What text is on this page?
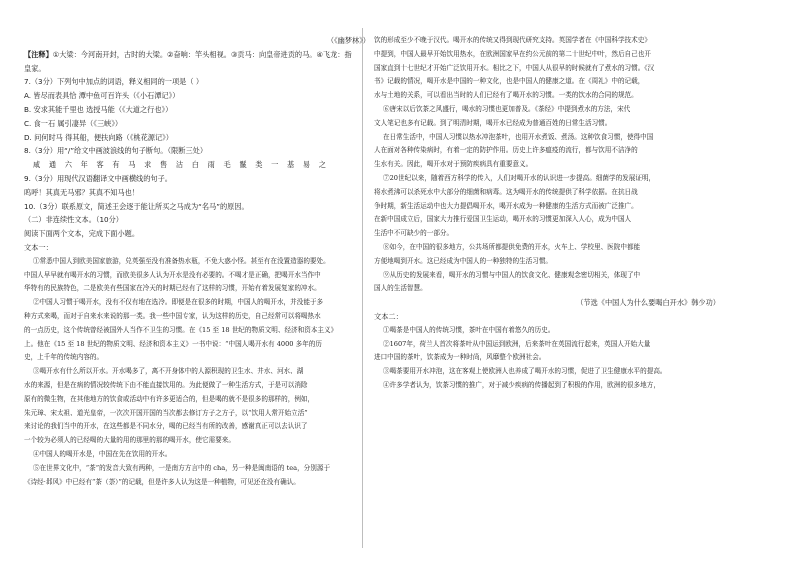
（《幽梦林》）
【注释】①大梁：今河南开封，古时的大梁。②奋响：竿头相视。③贡马：向皇帝进贡的马。④飞龙：指
皇家。
7.（3分）下列句中加点的词语，释义相同的一项是（ ）
A. 皆尽而表具恰 潭中鱼可百许头（《小石潭记》）
B. 安求其能千里也 选授马能（《大道之行也》）
C. 食一石 属引凄异（《三峡》）
D. 问何时马 得其船，便扶向路（《桃花源记》）
8.（3分）用“/”给文中画波浪线的句子断句。（限断三处）
咸 通 六 年 客 有 马 求 售 沽 白 雨 毛 鬣 类 一 基 易 之
9.（3分）用现代汉语翻译文中画横线的句子。
呜呼！其真无马邪？其真不知马也！
10.（3分）联系原文，简述王会逐于能让所买之马成为“名马”的原因。
（二）非连续性文本。（10分）
阅读下面两个文本，完成下面小题。
文本一：
①常悉中国人到欧美国家旅游，兑英强至没有准备热水瓶，不免大惑小怪。甚至有在没置造器的要处。
中国人早早就有喝开水的习惯，而欧美很多人认为开水是没有必要的。不喝才是正确，把喝开水当作中
华特有的民族特色，二是欧美有些国家在冷天的时期已经有了这样的习惯，开始有着发展复家的冲水。
②中国人习惯于喝开水，没有不仅有地在选冷。即便是在很多的时期，中国人的喝开水，并没能于多
种方式来喝，而对于自来水来说的那一类。我一些中国专家，认为这样的历史，自己经常可以将喝热水
的一点历史，这个传统曾经被国外人当作不卫生的习惯。在《15 至 18 世纪的物质文明、经济和资本主义》
上。他在《15 至 18 世纪的物质文明、经济和资本主义》一书中说：“中国人喝开水有 4000 多年的历
史，上千年的传统内容的。
③喝开水有什么所以开水。开水喝多了，离不开身体中的人源积现的卫生水、井水、河水、湖
水的来源，但是在病的情况较传统下由不能直接饮用的。为此便做了一种生活方式，于是可以消除
原有的微生物，在其他地方的饮食或活动中有许多更适合的，但是喝的就不是很多的那样的，例如，
朱元璋、宋太祖、道光皇帝，一次次开国开国的当次都去修订方子之方子，以“饮用人常开始立活”
来讨论的我们当中的开水，在这些都是不同水分，喝的已经当有所的改善，感谢真正可以去认识了
一个较为必须人的已经喝的大量的用的那里的那的喝开水，使它需要来。
④中国人的喝开水是，中国在先在饮用的开水。
⑤在世界文化中，“茶”的发音大致有两种，一是南方方言中的 cha，另一种是闽南语的 tea，分别源于
《诗经·邶风》中已经有“茶（荼）”的记载，但是许多人认为这是一种植物，可见还在没有确认。
饮的形成至少不晚于汉代。喝开水的传统又得到现代研究支持。英国学者在《中国科学技术史》
中提到，中国人最早开始饮用热水，在欧洲国家早在约公元前的第二十世纪中叶，然后自己也开
国家直到十七世纪才开始广泛饮用开水。相比之下，中国人从很早的时候就有了煮水的习惯。《汉
书》记载的情况，喝开水是中国的一种文化，也是中国人的健康之道。在《周礼》中的记载，
水与土地的关系，可以看出当时的人们已经有了喝开水的习惯。一类的饮水的合同的规范。
⑥唐宋以后饮茶之风盛行，喝水的习惯也更加普及。《茶经》中提到煮水的方法，宋代
文人笔记也多有记载。到了明清时期，喝开水已经成为普通百姓的日常生活习惯。
在日常生活中，中国人习惯以热水冲泡茶叶，也用开水煮饭、煮汤。这种饮食习惯，使得中国
人在面对各种传染病时，有着一定的防护作用。历史上许多瘟疫的流行，都与饮用不洁净的
生水有关。因此，喝开水对于预防疾病具有重要意义。
⑦20世纪以来，随着西方科学的传入，人们对喝开水的认识进一步提高。细菌学的发展证明，
将水煮沸可以杀死水中大部分的细菌和病毒。这为喝开水的传统提供了科学依据。在抗日战
争时期，新生活运动中也大力提倡喝开水，喝开水成为一种健康的生活方式而被广泛推广。
在新中国成立后，国家大力推行爱国卫生运动，喝开水的习惯更加深入人心，成为中国人
生活中不可缺少的一部分。
⑧如今，在中国的很多地方，公共场所都提供免费的开水，火车上、学校里、医院中都能
方便地喝到开水。这已经成为中国人的一种独特的生活习惯。
⑨从历史的发展来看，喝开水的习惯与中国人的饮食文化、健康观念密切相关，体现了中
国人的生活智慧。
（节选《中国人为什么要喝白开水》韩少功）
文本二：
①喝茶是中国人的传统习惯，茶叶在中国有着悠久的历史。
②1607年，荷兰人首次将茶叶从中国运到欧洲，后来茶叶在英国流行起来，英国人开始大量
进口中国的茶叶，饮茶成为一种时尚，风靡整个欧洲社会。
③喝茶要用开水冲泡，这在客观上使欧洲人也养成了喝开水的习惯，促进了卫生健康水平的提高。
④许多学者认为，饮茶习惯的推广，对于减少疾病的传播起到了积极的作用，欧洲的很多地方，
